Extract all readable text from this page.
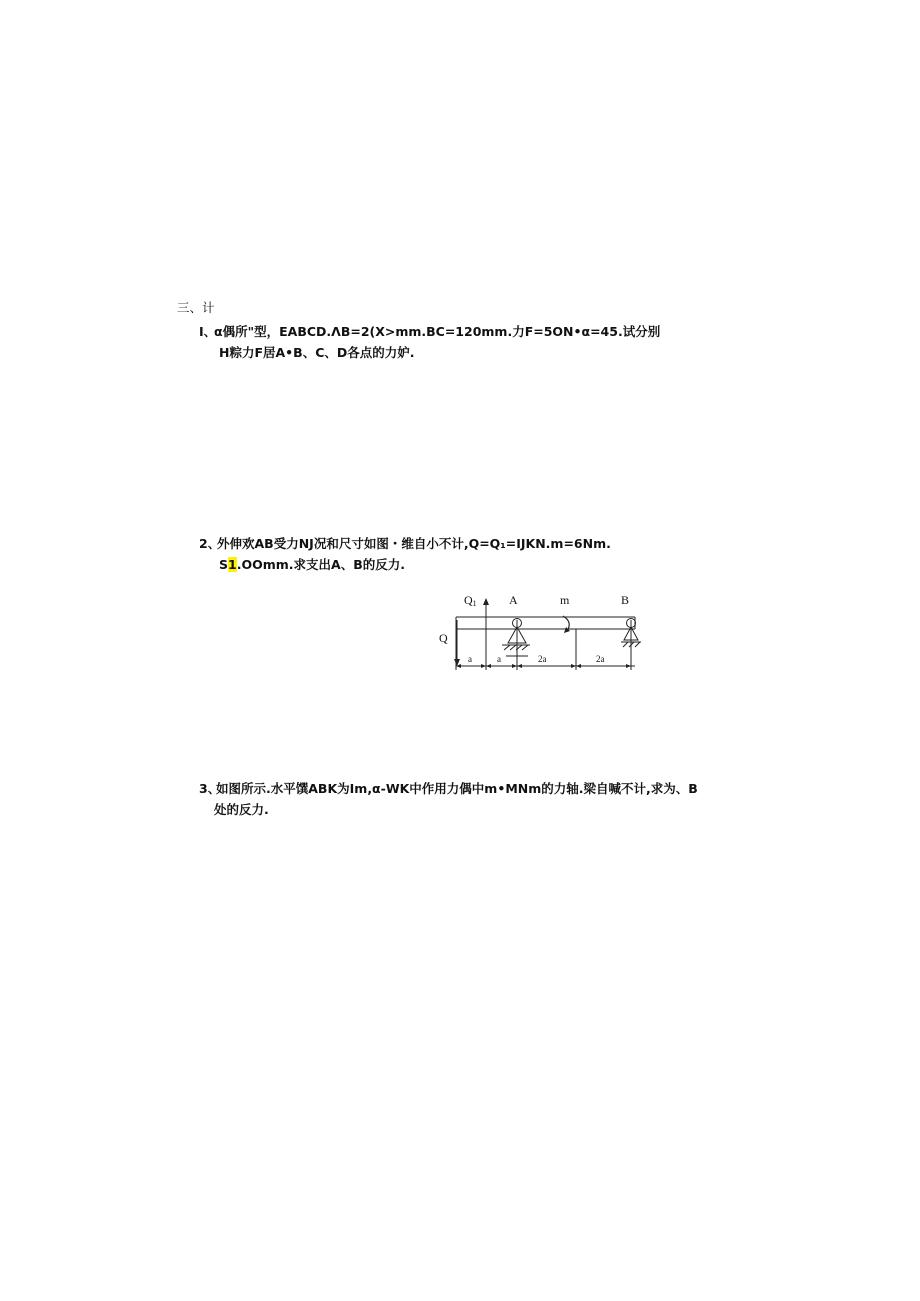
三、计
I、
α偶所"型，EABCD.ΛB=2(X>mm.BC=120mm.力F=5ON•α=45.试分别
H粽力F居A•B、C、D各点的力妒.
2、
外伸欢AB受力NJ况和尺寸如图・维自小不计,Q=Q₁=IJKN.m=6Nm.
S1.OOmm.求支出A、B的反力.
Q1	A	m	B
Q
a	a	2a	2a
3、
如图所示.水平馔ABK为Im,α-WK中作用力偶中m•MNm的力轴.梁自喊不计,求为、B
处的反力.
